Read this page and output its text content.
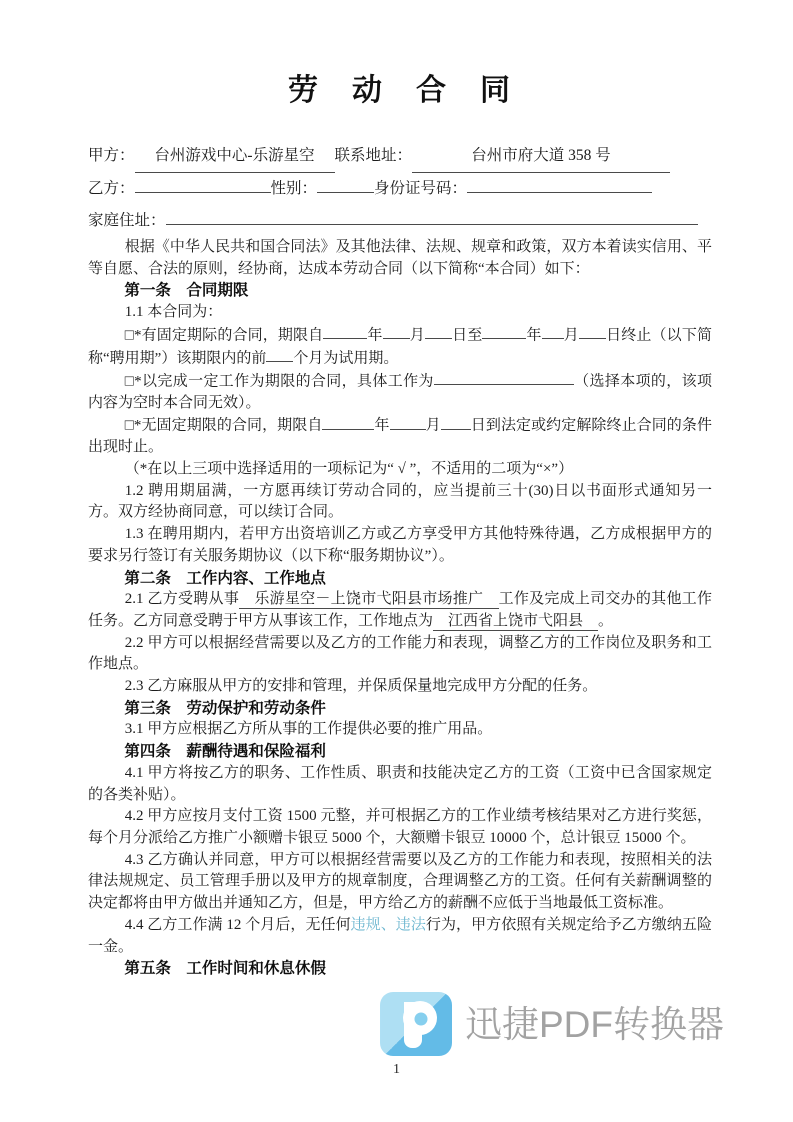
劳　动　合　同

甲方： 台州游戏中心-乐游星空 联系地址：	台州市府大道 358 号

乙方：	性别：	身份证号码：

家庭住址：

根据《中华人民共和国合同法》及其他法律、法规、规章和政策，双方本着读实信用、平等自愿、合法的原则，经协商，达成本劳动合同（以下简称“本合同）如下：

第一条　合同期限

1.1 本合同为：

□*有固定期际的合同，期限自	年 月 日至	年 月 日终止（以下简称“聘用期”）该期限内的前 个月为试用期。

□*以完成一定工作为期限的合同，具体工作为	（选择本项的，该项内容为空时本合同无效）。

□*无固定期限的合同，期限自	年 月 日到法定或约定解除终止合同的条件出现时止。

（*在以上三项中选择适用的一项标记为“ √ ”，不适用的二项为“×”）

1.2 聘用期届满，一方愿再续订劳动合同的，应当提前三十(30)日以书面形式通知另一方。双方经协商同意，可以续订合同。

1.3 在聘用期内，若甲方出资培训乙方或乙方享受甲方其他特殊待遇，乙方成根据甲方的要求另行签订有关服务期协议（以下称“服务期协议”）。

第二条　工作内容、工作地点

2.1 乙方受聘从事　乐游星空－上饶市弋阳县市场推广　工作及完成上司交办的其他工作任务。乙方同意受聘于甲方从事该工作，工作地点为　江西省上饶市弋阳县　。

2.2 甲方可以根据经营需要以及乙方的工作能力和表现，调整乙方的工作岗位及职务和工作地点。

2.3 乙方麻服从甲方的安排和管理，并保质保量地完成甲方分配的任务。

第三条　劳动保护和劳动条件

3.1 甲方应根据乙方所从事的工作提供必要的推广用品。

第四条　薪酬待遇和保险福利

4.1 甲方将按乙方的职务、工作性质、职责和技能决定乙方的工资（工资中已含国家规定的各类补贴）。

4.2 甲方应按月支付工资 1500 元整，并可根据乙方的工作业绩考核结果对乙方进行奖惩，每个月分派给乙方推广小额赠卡银豆 5000 个，大额赠卡银豆 10000 个，总计银豆 15000 个。

4.3 乙方确认并同意，甲方可以根据经营需要以及乙方的工作能力和表现，按照相关的法律法规规定、员工管理手册以及甲方的规章制度，合理调整乙方的工资。任何有关薪酬调整的决定都将由甲方做出并通知乙方，但是，甲方给乙方的薪酬不应低于当地最低工资标准。

4.4 乙方工作满 12 个月后，无任何违规、违法行为，甲方依照有关规定给予乙方缴纳五险一金。

第五条　工作时间和休息休假

迅捷PDF转换器
1
